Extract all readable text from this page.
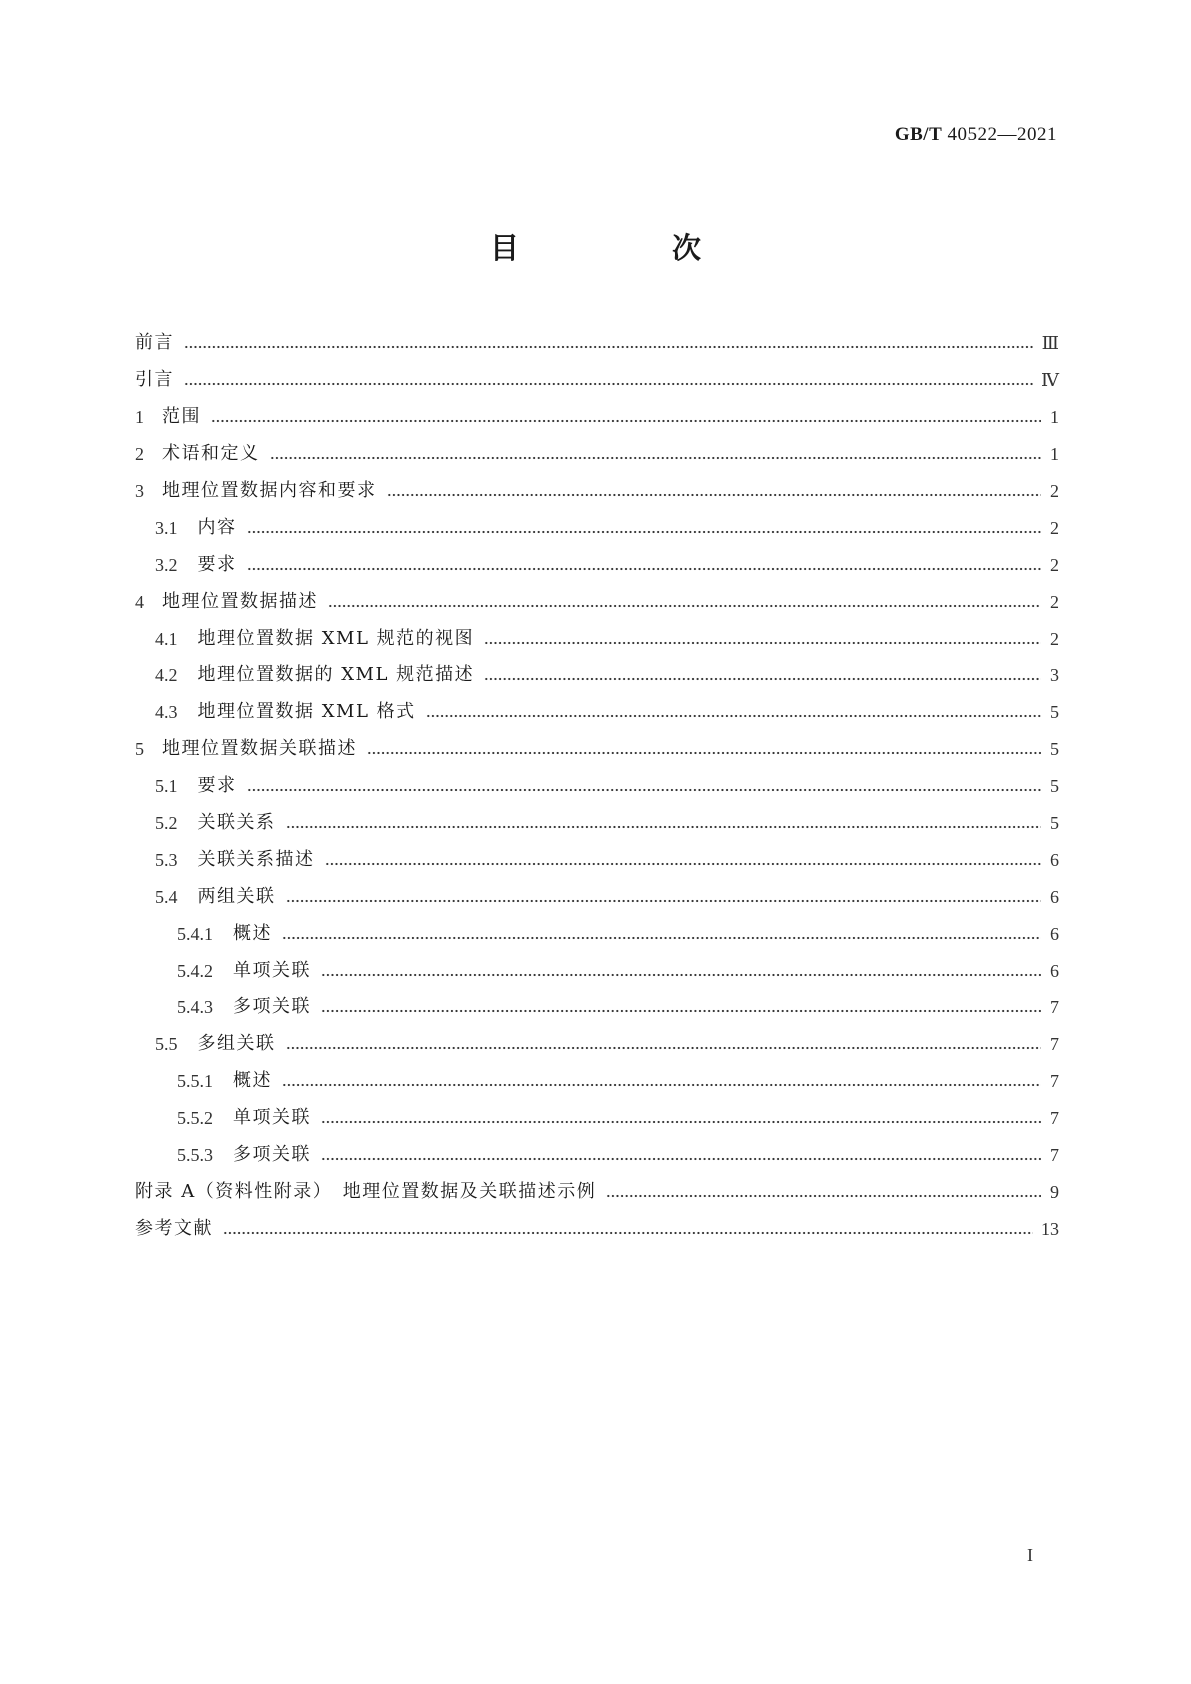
GB/T 40522—2021
目　次
前言	Ⅲ
引言	Ⅳ
1 范围	1
2 术语和定义	1
3 地理位置数据内容和要求	2
3.1 内容	2
3.2 要求	2
4 地理位置数据描述	2
4.1 地理位置数据 XML 规范的视图	2
4.2 地理位置数据的 XML 规范描述	3
4.3 地理位置数据 XML 格式	5
5 地理位置数据关联描述	5
5.1 要求	5
5.2 关联关系	5
5.3 关联关系描述	6
5.4 两组关联	6
5.4.1 概述	6
5.4.2 单项关联	6
5.4.3 多项关联	7
5.5 多组关联	7
5.5.1 概述	7
5.5.2 单项关联	7
5.5.3 多项关联	7
附录 A（资料性附录）　地理位置数据及关联描述示例	9
参考文献	13
I
